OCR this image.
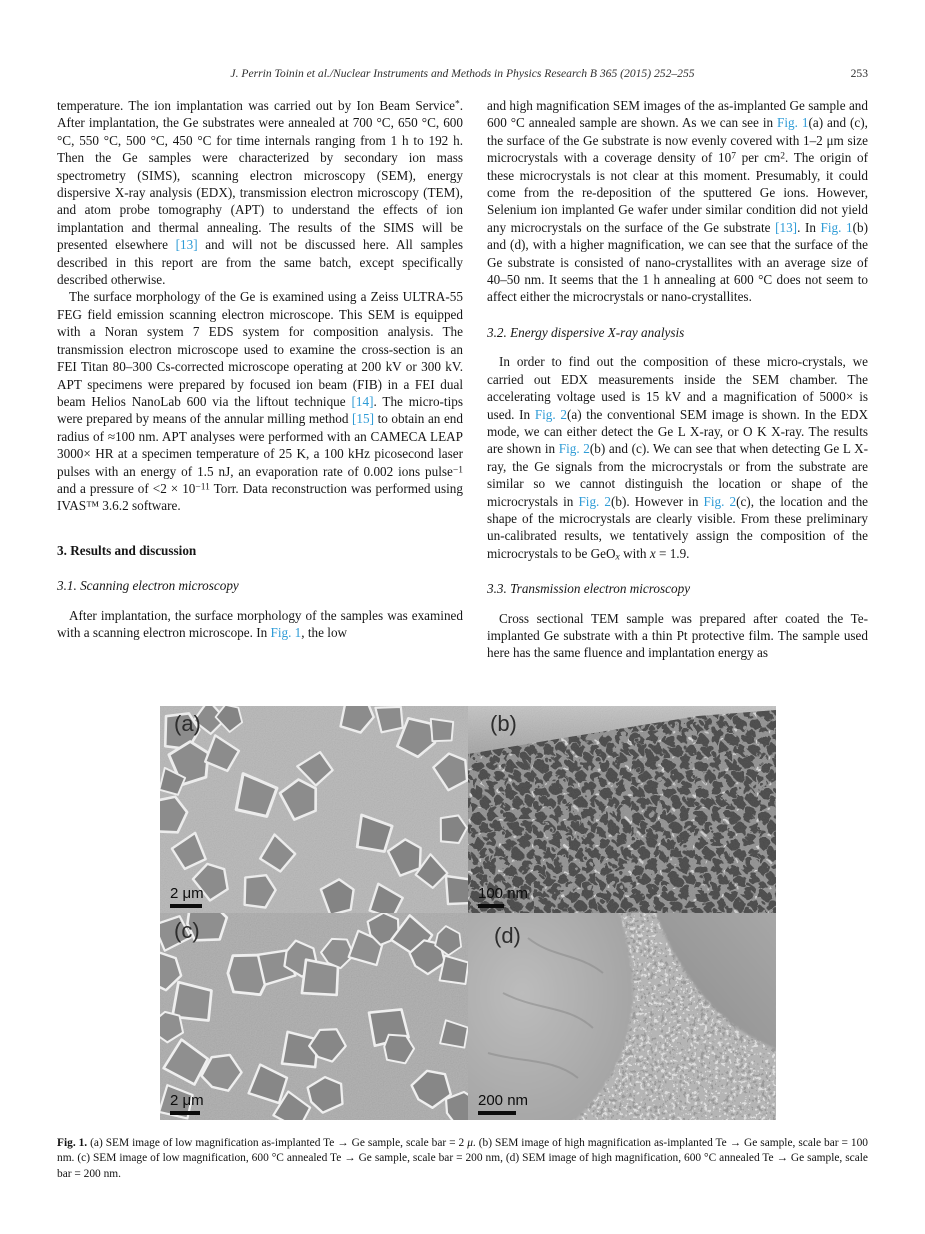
J. Perrin Toinin et al./Nuclear Instruments and Methods in Physics Research B 365 (2015) 252–255	253

temperature. The ion implantation was carried out by Ion Beam Service*. After implantation, the Ge substrates were annealed at 700 °C, 650 °C, 600 °C, 550 °C, 500 °C, 450 °C for time internals ranging from 1 h to 192 h. Then the Ge samples were characterized by secondary ion mass spectrometry (SIMS), scanning electron microscopy (SEM), energy dispersive X-ray analysis (EDX), transmission electron microscopy (TEM), and atom probe tomography (APT) to understand the effects of ion implantation and thermal annealing. The results of the SIMS will be presented elsewhere [13] and will not be discussed here. All samples described in this report are from the same batch, except specifically described otherwise.

The surface morphology of the Ge is examined using a Zeiss ULTRA-55 FEG field emission scanning electron microscope. This SEM is equipped with a Noran system 7 EDS system for composition analysis. The transmission electron microscope used to examine the cross-section is an FEI Titan 80–300 Cs-corrected microscope operating at 200 kV or 300 kV. APT specimens were prepared by focused ion beam (FIB) in a FEI dual beam Helios NanoLab 600 via the liftout technique [14]. The micro-tips were prepared by means of the annular milling method [15] to obtain an end radius of ≈100 nm. APT analyses were performed with an CAMECA LEAP 3000× HR at a specimen temperature of 25 K, a 100 kHz picosecond laser pulses with an energy of 1.5 nJ, an evaporation rate of 0.002 ions pulse$^{-1}$ and a pressure of $<2 \times 10^{-11}$ Torr. Data reconstruction was performed using IVAS™ 3.6.2 software.

3. Results and discussion
3.1. Scanning electron microscopy

After implantation, the surface morphology of the samples was examined with a scanning electron microscope. In Fig. 1, the low

and high magnification SEM images of the as-implanted Ge sample and 600 °C annealed sample are shown. As we can see in Fig. 1(a) and (c), the surface of the Ge substrate is now evenly covered with 1–2 μm size microcrystals with a coverage density of $10^7$ per $cm^2$. The origin of these microcrystals is not clear at this moment. Presumably, it could come from the re-deposition of the sputtered Ge ions. However, Selenium ion implanted Ge wafer under similar condition did not yield any microcrystals on the surface of the Ge substrate [13]. In Fig. 1(b) and (d), with a higher magnification, we can see that the surface of the Ge substrate is consisted of nano-crystallites with an average size of 40–50 nm. It seems that the 1 h annealing at 600 °C does not seem to affect either the microcrystals or nano-crystallites.

3.2. Energy dispersive X-ray analysis

In order to find out the composition of these micro-crystals, we carried out EDX measurements inside the SEM chamber. The accelerating voltage used is 15 kV and a magnification of 5000× is used. In Fig. 2(a) the conventional SEM image is shown. In the EDX mode, we can either detect the Ge L X-ray, or O K X-ray. The results are shown in Fig. 2(b) and (c). We can see that when detecting Ge L X-ray, the Ge signals from the microcrystals or from the substrate are similar so we cannot distinguish the location or shape of the microcrystals in Fig. 2(b). However in Fig. 2(c), the location and the shape of the microcrystals are clearly visible. From these preliminary un-calibrated results, we tentatively assign the composition of the microcrystals to be GeOx with x = 1.9.

3.3. Transmission electron microscopy

Cross sectional TEM sample was prepared after coated the Te-implanted Ge substrate with a thin Pt protective film. The sample used here has the same fluence and implantation energy as

(a)
2 μm
(b)
100 nm
(c)
2 μm
(d)
200 nm
Fig. 1. (a) SEM image of low magnification as-implanted Te → Ge sample, scale bar = 2 μ. (b) SEM image of high magnification as-implanted Te → Ge sample, scale bar = 100 nm. (c) SEM image of low magnification, 600 °C annealed Te → Ge sample, scale bar = 200 nm, (d) SEM image of high magnification, 600 °C annealed Te → Ge sample, scale bar = 200 nm.
